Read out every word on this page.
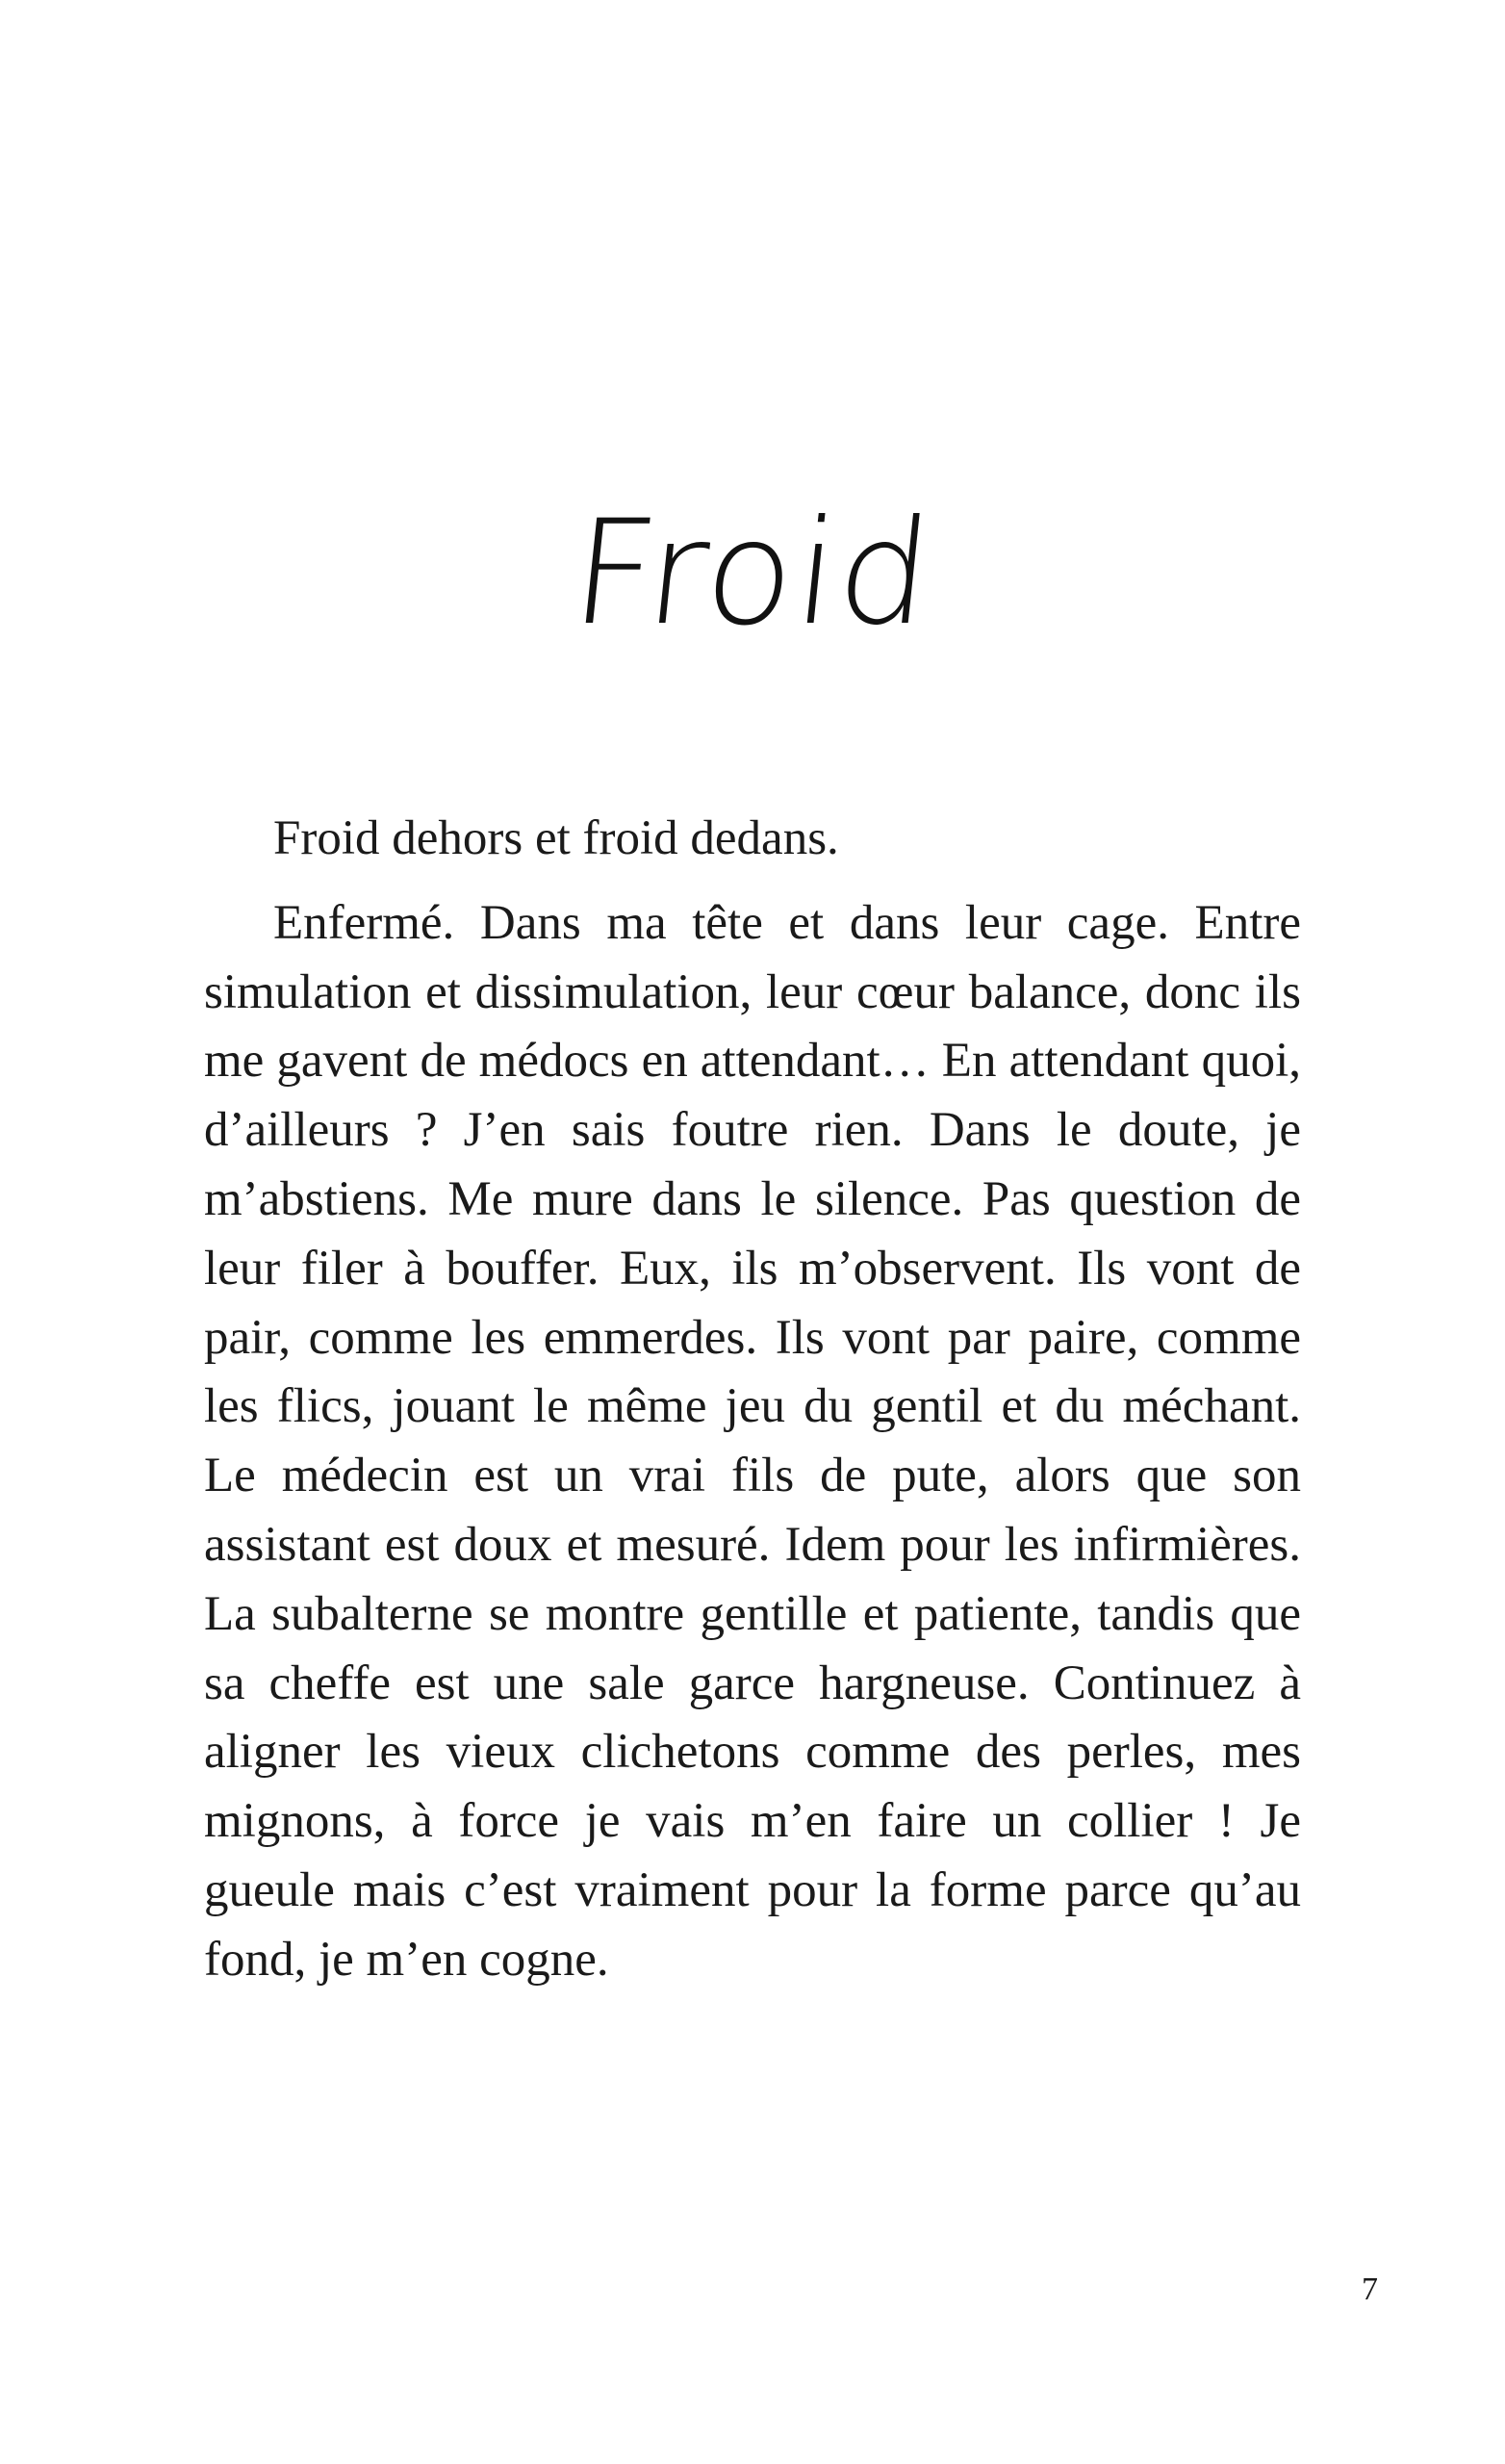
Froid

Froid dehors et froid dedans.

Enfermé. Dans ma tête et dans leur cage. Entre simulation et dissimulation, leur cœur balance, donc ils me gavent de médocs en attendant… En attendant quoi, d’ailleurs ? J’en sais foutre rien. Dans le doute, je m’abstiens. Me mure dans le silence. Pas question de leur filer à bouffer. Eux, ils m’observent. Ils vont de pair, comme les emmerdes. Ils vont par paire, comme les flics, jouant le même jeu du gentil et du méchant. Le médecin est un vrai fils de pute, alors que son assistant est doux et mesuré. Idem pour les infirmières. La subalterne se montre gentille et patiente, tandis que sa cheffe est une sale garce hargneuse. Continuez à aligner les vieux clichetons comme des perles, mes mignons, à force je vais m’en faire un collier ! Je gueule mais c’est vraiment pour la forme parce qu’au fond, je m’en cogne.

7
